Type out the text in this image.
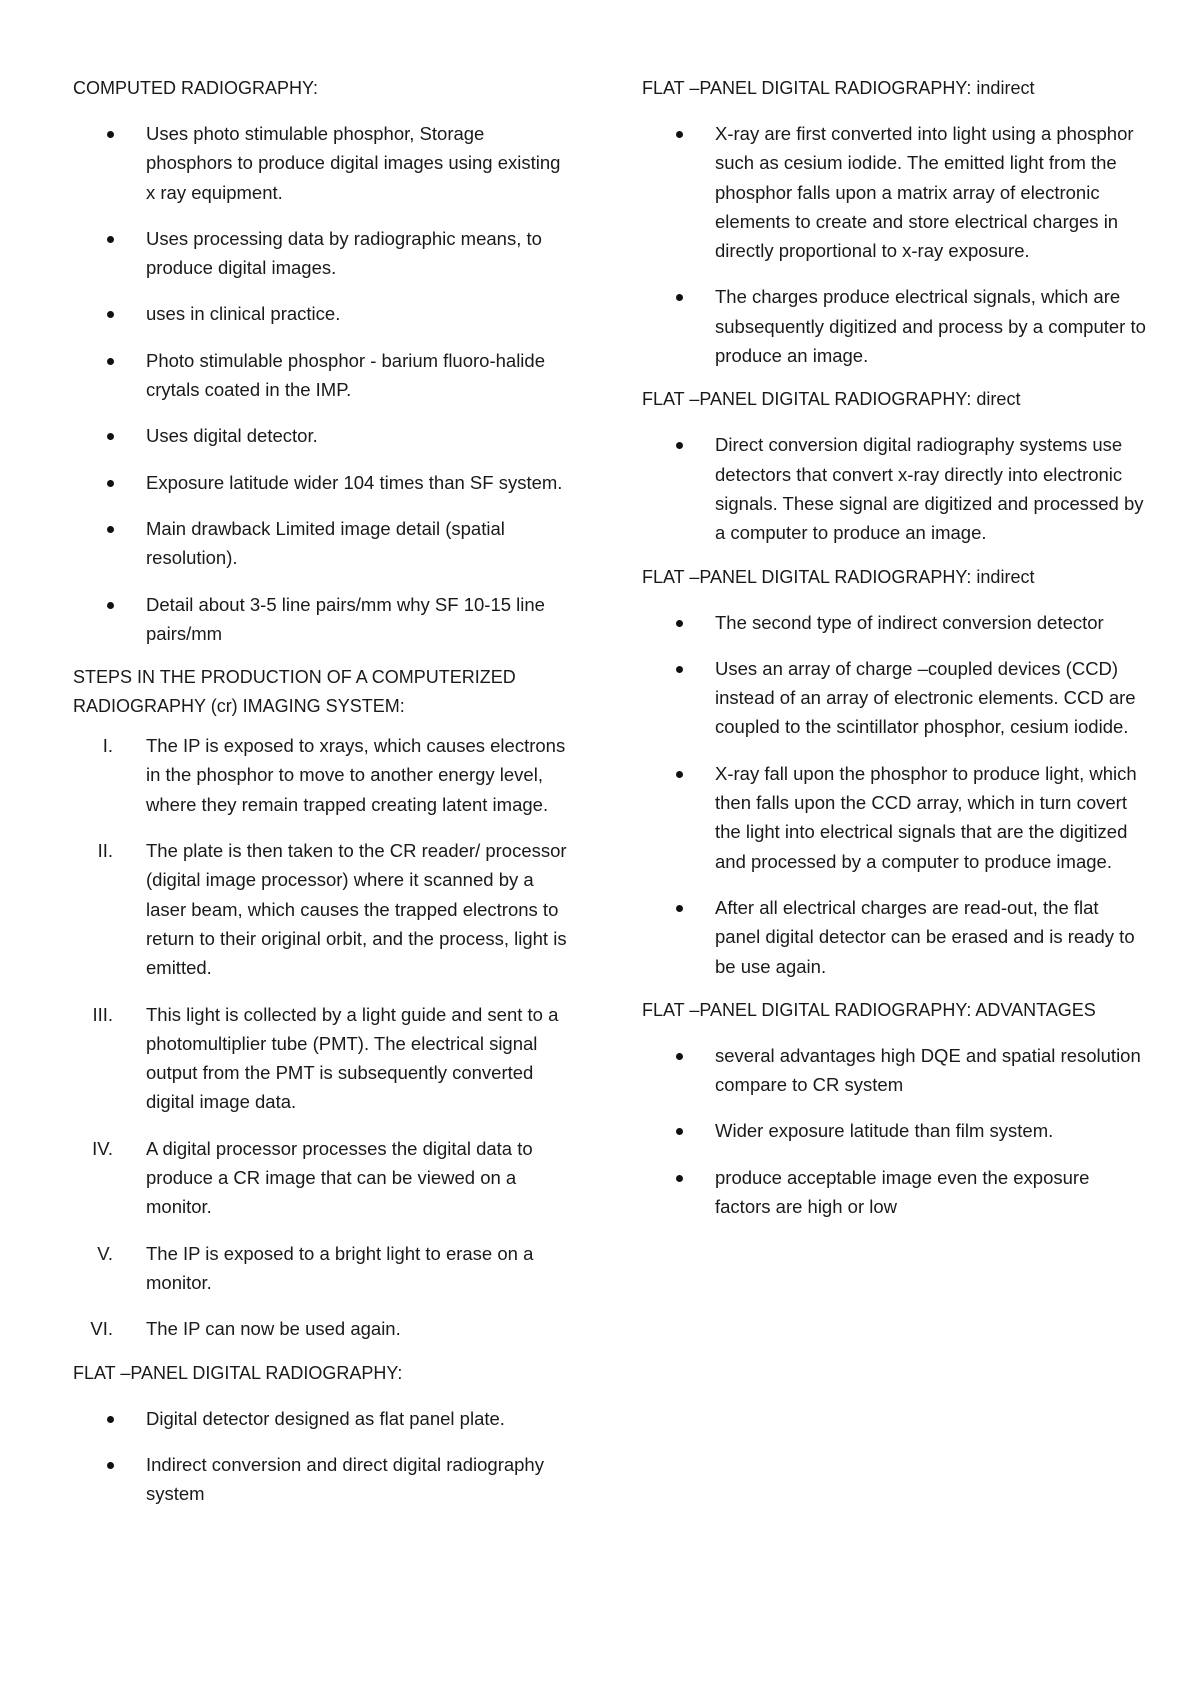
COMPUTED RADIOGRAPHY:
Uses photo stimulable phosphor, Storage phosphors to produce digital images using existing x ray equipment.
Uses processing data by radiographic means, to produce digital images.
uses in clinical practice.
Photo stimulable phosphor - barium fluoro-halide crytals coated in the IMP.
Uses digital detector.
Exposure latitude wider 104 times than SF system.
Main drawback Limited image detail (spatial resolution).
Detail about 3-5 line pairs/mm why SF 10-15 line pairs/mm
STEPS IN THE PRODUCTION OF A COMPUTERIZED RADIOGRAPHY (cr) IMAGING SYSTEM:
I. The IP is exposed to xrays, which causes electrons in the phosphor to move to another energy level, where they remain trapped creating latent image.
II. The plate is then taken to the CR reader/ processor (digital image processor) where it scanned by a laser beam, which causes the trapped electrons to return to their original orbit, and the process, light is emitted.
III. This light is collected by a light guide and sent to a photomultiplier tube (PMT). The electrical signal output from the PMT is subsequently converted digital image data.
IV. A digital processor processes the digital data to produce a CR image that can be viewed on a monitor.
V. The IP is exposed to a bright light to erase on a monitor.
VI. The IP can now be used again.
FLAT –PANEL DIGITAL RADIOGRAPHY:
Digital detector designed as flat panel plate.
Indirect conversion and direct digital radiography system
FLAT –PANEL DIGITAL RADIOGRAPHY: indirect
X-ray are first converted into light using a phosphor such as cesium iodide. The emitted light from the phosphor falls upon a matrix array of electronic elements to create and store electrical charges in directly proportional to x-ray exposure.
The charges produce electrical signals, which are subsequently digitized and process by a computer to produce an image.
FLAT –PANEL DIGITAL RADIOGRAPHY: direct
Direct conversion digital radiography systems use detectors that convert x-ray directly into electronic signals. These signal are digitized and processed by a computer to produce an image.
FLAT –PANEL DIGITAL RADIOGRAPHY: indirect
The second type of indirect conversion detector
Uses an array of charge –coupled devices (CCD) instead of an array of electronic elements. CCD are coupled to the scintillator phosphor, cesium iodide.
X-ray fall upon the phosphor to produce light, which then falls upon the CCD array, which in turn covert the light into electrical signals that are the digitized and processed by a computer to produce image.
After all electrical charges are read-out, the flat panel digital detector can be erased and is ready to be use again.
FLAT –PANEL DIGITAL RADIOGRAPHY: ADVANTAGES
several advantages high DQE and spatial resolution compare to CR system
Wider exposure latitude than film system.
produce acceptable image even the exposure factors are high or low
